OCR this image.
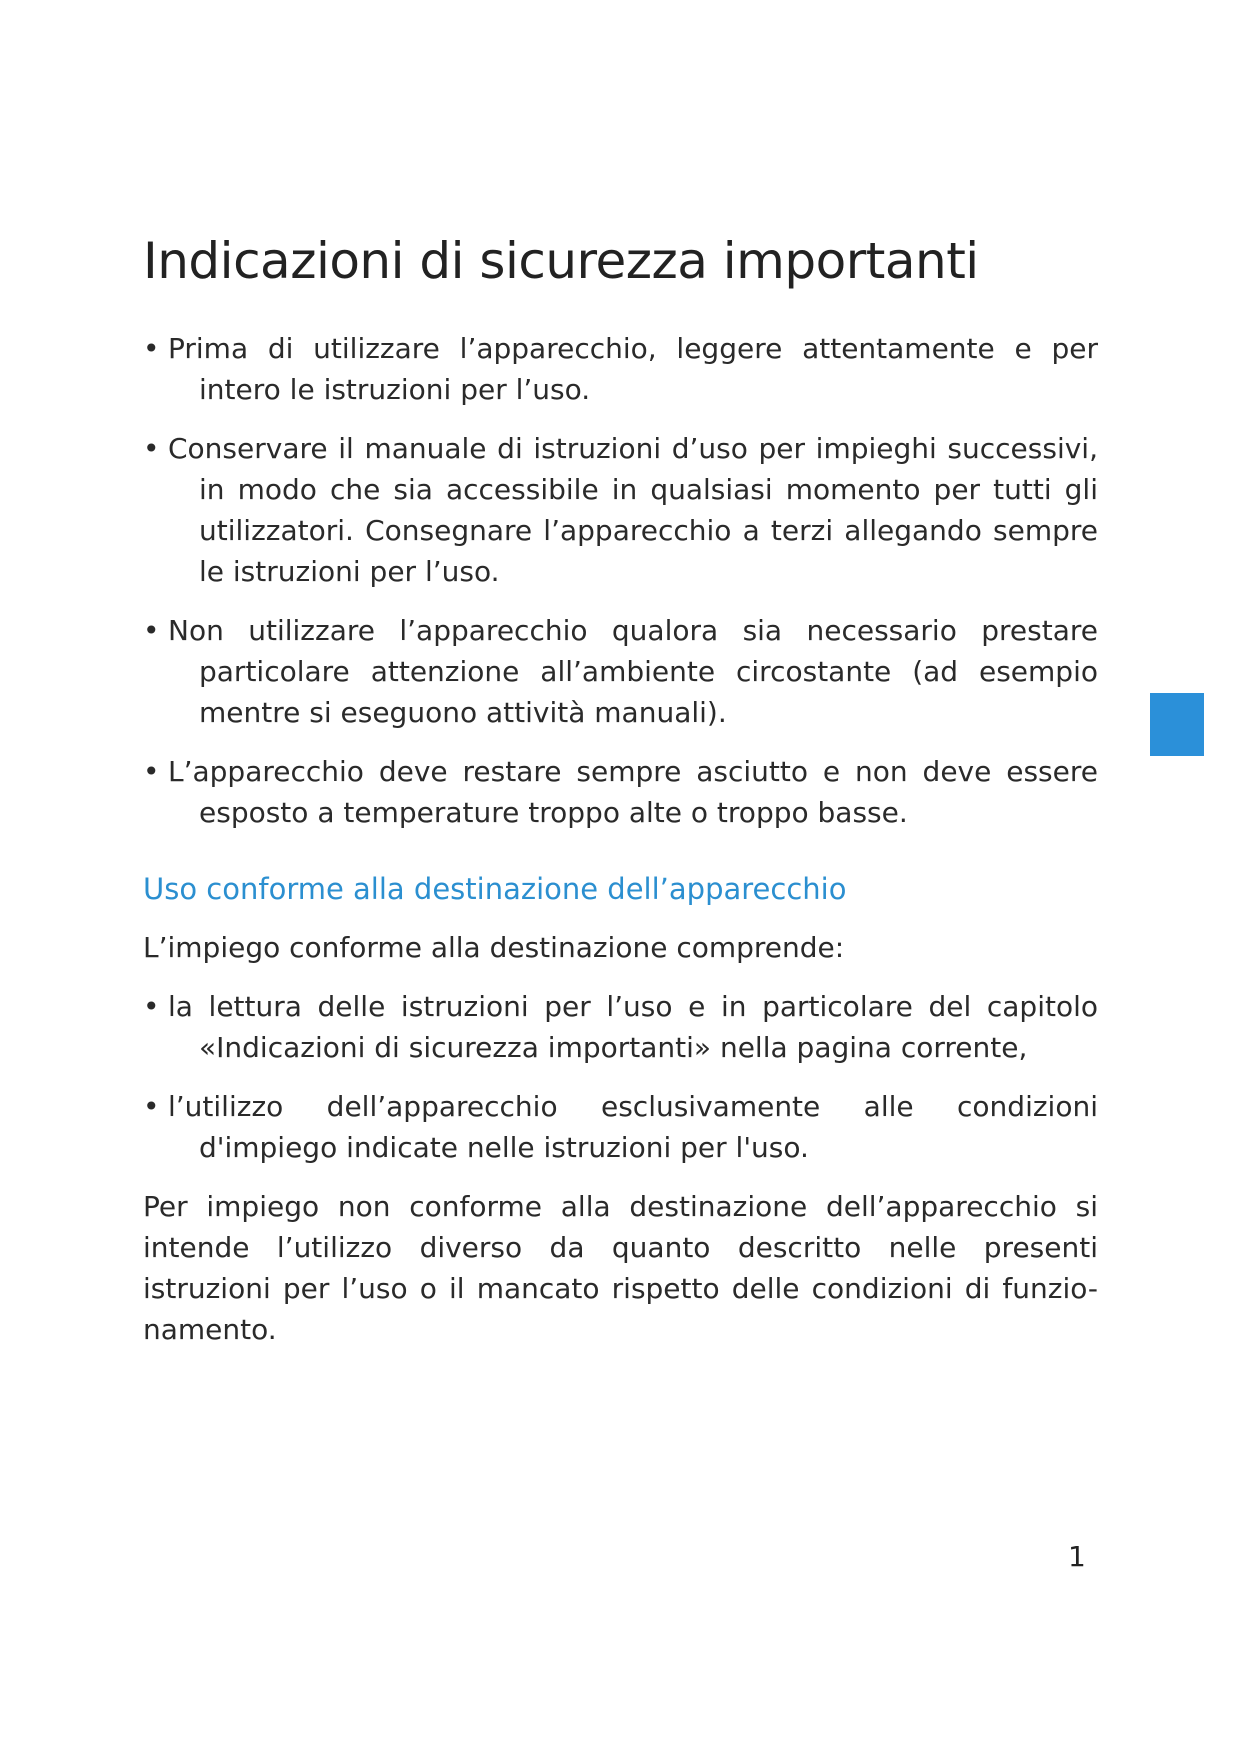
Indicazioni di sicurezza importanti
• Prima di utilizzare l’apparecchio, leggere attentamente e per intero le istruzioni per l’uso.
• Conservare il manuale di istruzioni d’uso per impieghi successivi, in modo che sia accessibile in qualsiasi momento per tutti gli utilizzatori. Consegnare l’apparecchio a terzi allegando sempre le istruzioni per l’uso.
• Non utilizzare l’apparecchio qualora sia necessario prestare particolare attenzione all’ambiente circostante (ad esempio mentre si eseguono attività manuali).
• L’apparecchio deve restare sempre asciutto e non deve essere esposto a temperature troppo alte o troppo basse.
Uso conforme alla destinazione dell’apparecchio

L’impiego conforme alla destinazione comprende:

• la lettura delle istruzioni per l’uso e in particolare del capitolo «Indicazioni di sicurezza importanti» nella pagina corrente,
• l’utilizzo dell’apparecchio esclusivamente alle condizioni d'impiego indicate nelle istruzioni per l'uso.

Per impiego non conforme alla destinazione dell’apparecchio si intende l’utilizzo diverso da quanto descritto nelle presenti istruzioni per l’uso o il mancato rispetto delle condizioni di funzio-namento.

1
